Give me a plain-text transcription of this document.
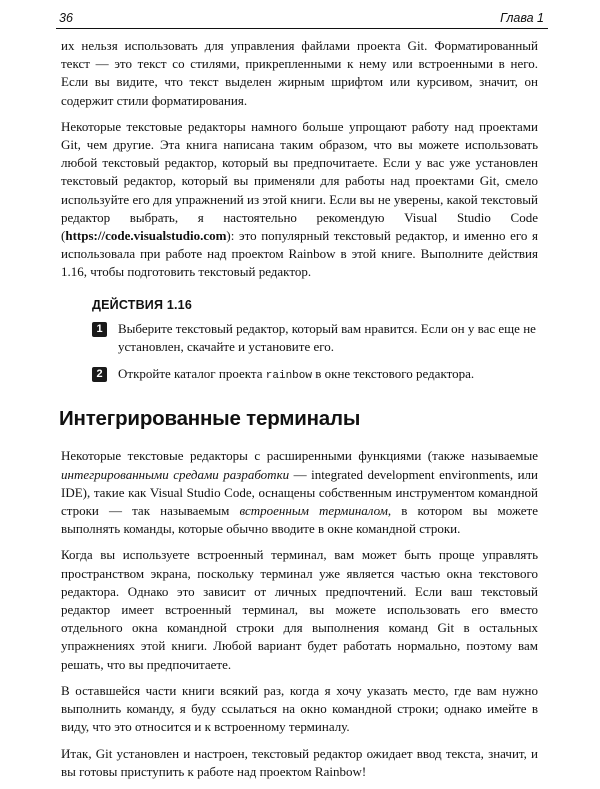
36	Глава 1

их нельзя использовать для управления файлами проекта Git. Форматированный текст — это текст со стилями, прикрепленными к нему или встроенными в него. Если вы видите, что текст выделен жирным шрифтом или курсивом, значит, он содержит стили форматирования.

Некоторые текстовые редакторы намного больше упрощают работу над проектами Git, чем другие. Эта книга написана таким образом, что вы можете использовать любой текстовый редактор, который вы предпочитаете. Если у вас уже установлен текстовый редактор, который вы применяли для работы над проектами Git, смело используйте его для упражнений из этой книги. Если вы не уверены, какой текстовый редактор выбрать, я настоятельно рекомендую Visual Studio Code (https://code.visualstudio.com): это популярный текстовый редактор, и именно его я использовала при работе над проектом Rainbow в этой книге. Выполните действия 1.16, чтобы подготовить текстовый редактор.

ДЕЙСТВИЯ 1.16
1	Выберите текстовый редактор, который вам нравится. Если он у вас еще не установлен, скачайте и установите его.
2	Откройте каталог проекта rainbow в окне текстового редактора.
Интегрированные терминалы

Некоторые текстовые редакторы с расширенными функциями (также называемые интегрированными средами разработки — integrated development environments, или IDE), такие как Visual Studio Code, оснащены собственным инструментом командной строки — так называемым встроенным терминалом, в котором вы можете выполнять команды, которые обычно вводите в окне командной строки.

Когда вы используете встроенный терминал, вам может быть проще управлять пространством экрана, поскольку терминал уже является частью окна текстового редактора. Однако это зависит от личных предпочтений. Если ваш текстовый редактор имеет встроенный терминал, вы можете использовать его вместо отдельного окна командной строки для выполнения команд Git в остальных упражнениях этой книги. Любой вариант будет работать нормально, поэтому вам решать, что вы предпочитаете.

В оставшейся части книги всякий раз, когда я хочу указать место, где вам нужно выполнить команду, я буду ссылаться на окно командной строки; однако имейте в виду, что это относится и к встроенному терминалу.

Итак, Git установлен и настроен, текстовый редактор ожидает ввод текста, значит, и вы готовы приступить к работе над проектом Rainbow!
